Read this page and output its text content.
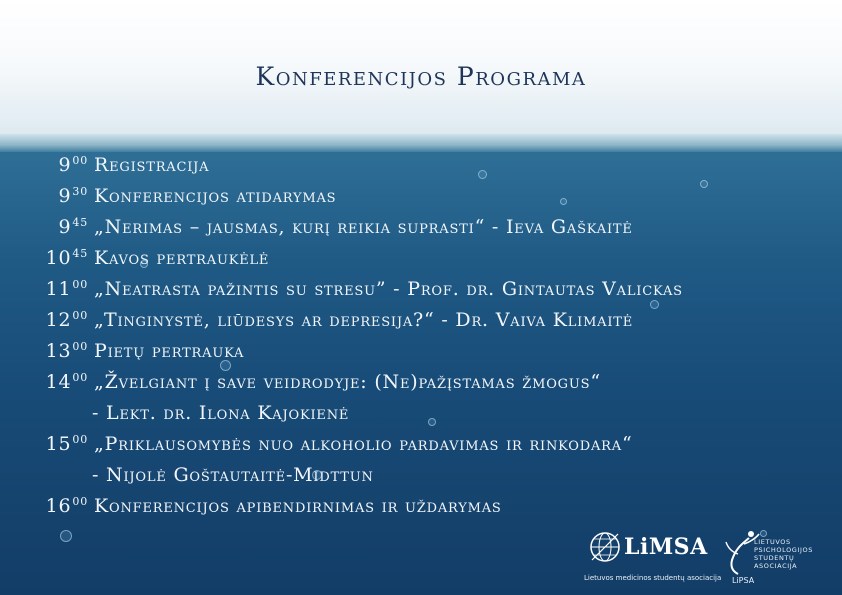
Konferencijos Programa
$9^{00}$ Registracija
$9^{30}$ Konferencijos atidarymas
$9^{45}$ „Nerimas – jausmas, kurį reikia suprasti“ - Ieva Gaškaitė
$10^{45}$ Kavos pertraukėlė
$11^{00}$ „Neatrasta pažintis su stresu” - Prof. dr. Gintautas Valickas
$12^{00}$ „Tinginystė, liūdesys ar depresija?“ - Dr. Vaiva Klimaitė
$13^{00}$ Pietų pertrauka
$14^{00}$ „Žvelgiant į save veidrodyje: (Ne)pažįstamas žmogus“
- Lekt. dr. Ilona Kajokienė
$15^{00}$ „Priklausomybės nuo alkoholio pardavimas ir rinkodara“
- Nijolė Goštautaitė-Midttun
$16^{00}$ Konferencijos apibendirnimas ir uždarymas
LiMSA
Lietuvos medicinos studentų asociacija
LIETUVOS
PSICHOLOGIJOS
STUDENTŲ
ASOCIACIJA
LiPSA
